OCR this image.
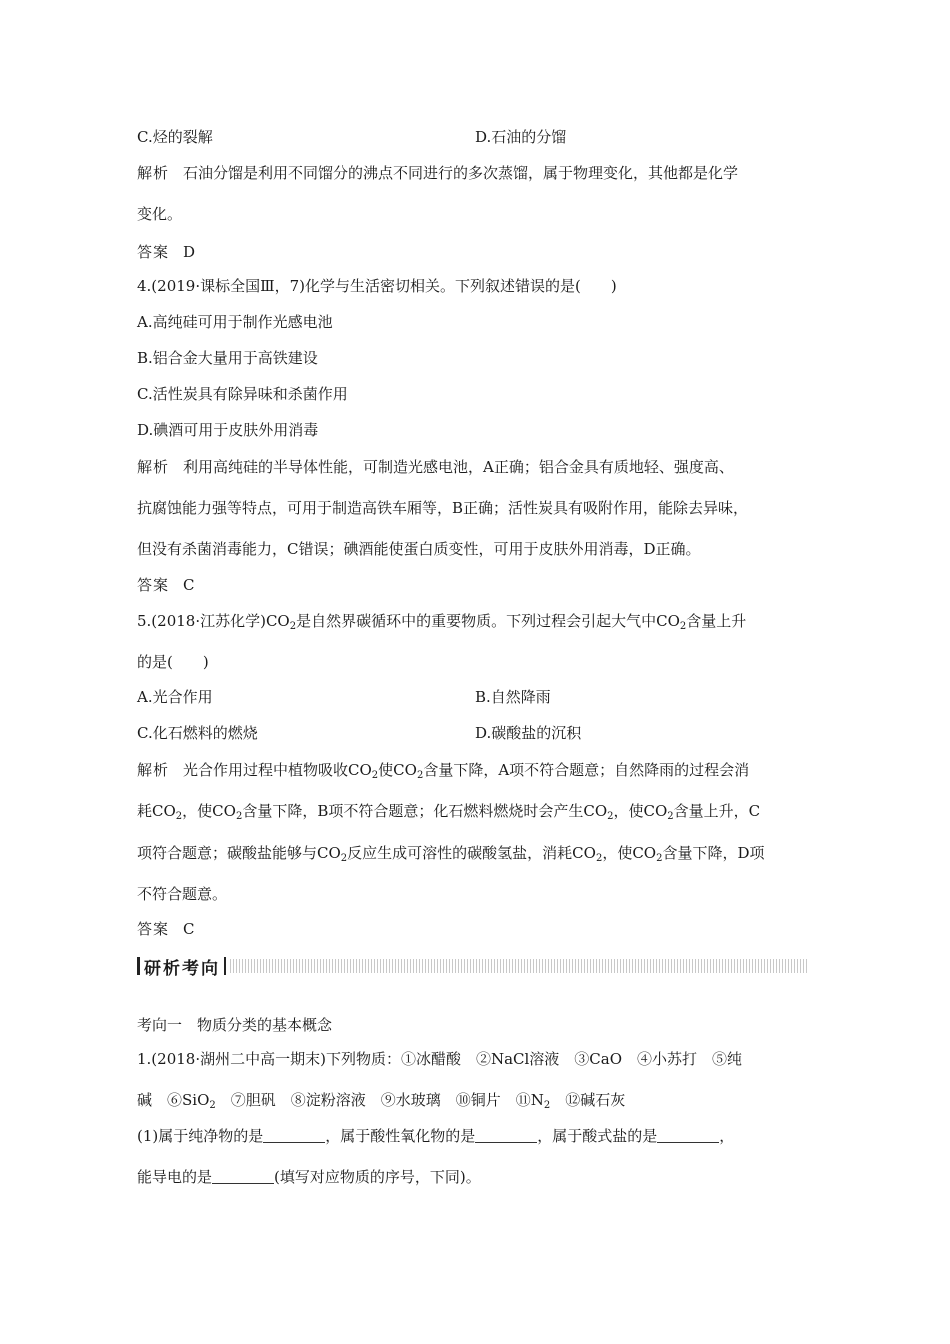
C.烃的裂解	D.石油的分馏
解析 石油分馏是利用不同馏分的沸点不同进行的多次蒸馏，属于物理变化，其他都是化学
变化。
答案 D
4.(2019·课标全国Ⅲ，7)化学与生活密切相关。下列叙述错误的是(　　)
A.高纯硅可用于制作光感电池
B.铝合金大量用于高铁建设
C.活性炭具有除异味和杀菌作用
D.碘酒可用于皮肤外用消毒
解析 利用高纯硅的半导体性能，可制造光感电池，A正确；铝合金具有质地轻、强度高、
抗腐蚀能力强等特点，可用于制造高铁车厢等，B正确；活性炭具有吸附作用，能除去异味，
但没有杀菌消毒能力，C错误；碘酒能使蛋白质变性，可用于皮肤外用消毒，D正确。
答案 C
5.(2018·江苏化学)$CO_2$是自然界碳循环中的重要物质。下列过程会引起大气中$CO_2$含量上升
的是(　　)
A.光合作用	B.自然降雨
C.化石燃料的燃烧	D.碳酸盐的沉积
解析 光合作用过程中植物吸收$CO_2$使$CO_2$含量下降，A项不符合题意；自然降雨的过程会消
耗$CO_2$，使$CO_2$含量下降，B项不符合题意；化石燃料燃烧时会产生$CO_2$，使$CO_2$含量上升，C
项符合题意；碳酸盐能够与$CO_2$反应生成可溶性的碳酸氢盐，消耗$CO_2$，使$CO_2$含量下降，D项
不符合题意。
答案 C
研析考向
考向一　物质分类的基本概念
1.(2018·湖州二中高一期末)下列物质：①冰醋酸　②NaCl溶液　③CaO　④小苏打　⑤纯
碱　⑥SiO$_2$　⑦胆矾　⑧淀粉溶液　⑨水玻璃　⑩铜片　$⑪N_2$　⑫碱石灰
(1)属于纯净物的是	，属于酸性氧化物的是	，属于酸式盐的是	，
能导电的是	(填写对应物质的序号，下同)。
